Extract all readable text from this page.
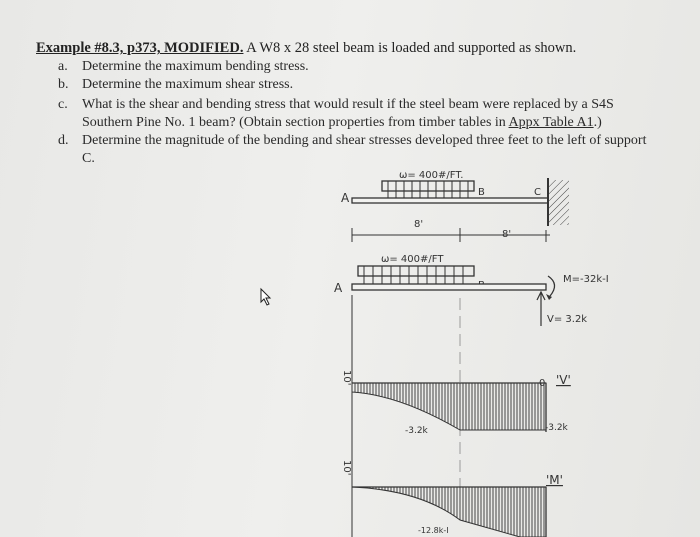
Example #8.3, p373, MODIFIED. A W8 x 28 steel beam is loaded and supported as shown.
a. Determine the maximum bending stress.
b. Determine the maximum shear stress.
c. What is the shear and bending stress that would result if the steel beam were replaced by a S4S Southern Pine No. 1 beam? (Obtain section properties from timber tables in Appx Table A1.)
d. Determine the magnitude of the bending and shear stresses developed three feet to the left of support C.
ω= 400#/FT.
A	B	C
8'
8'
ω= 400#/FT
A
M=-32k-I
V= 3.2k
0 'V'
-3.2k	-3.2k
10'
'M'
10'
-12.8k-I
